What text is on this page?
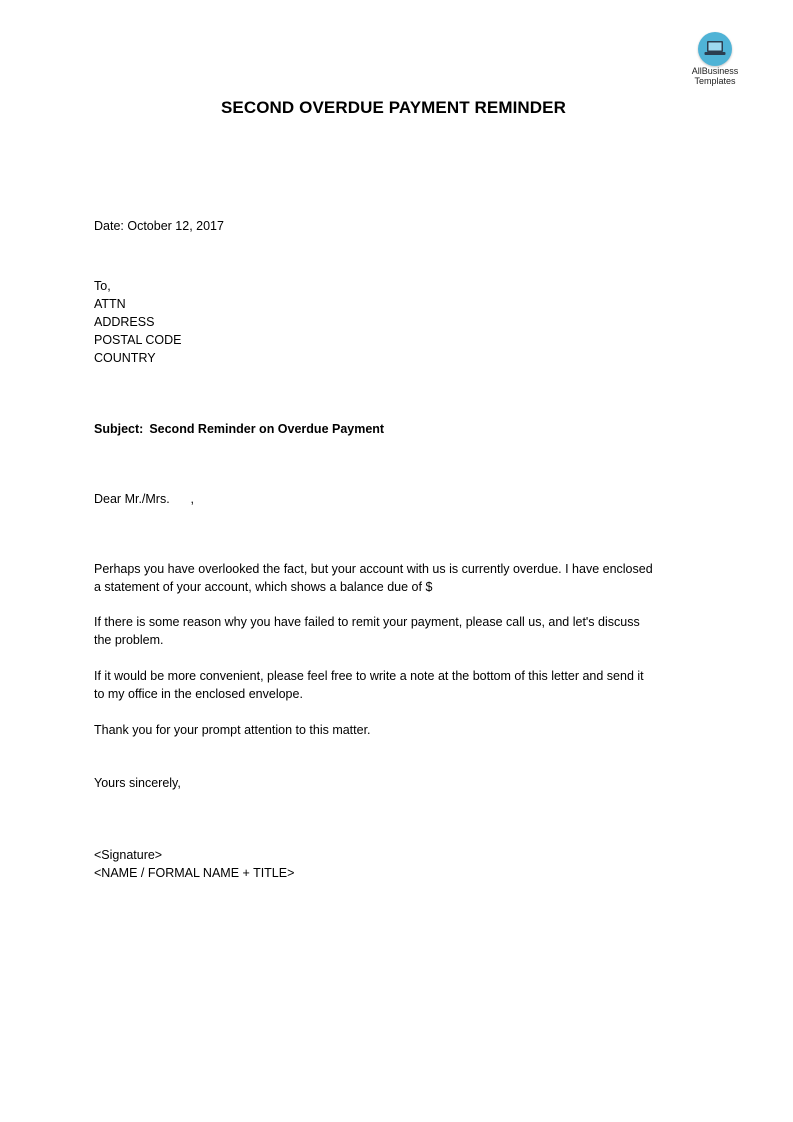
AllBusiness
Templates
SECOND OVERDUE PAYMENT REMINDER
Date: October 12, 2017
To,
ATTN
ADDRESS
POSTAL CODE
COUNTRY
Subject: Second Reminder on Overdue Payment
Dear Mr./Mrs.      ,
Perhaps you have overlooked the fact, but your account with us is currently overdue. I have enclosed
a statement of your account, which shows a balance due of $
If there is some reason why you have failed to remit your payment, please call us, and let's discuss
the problem.
If it would be more convenient, please feel free to write a note at the bottom of this letter and send it
to my office in the enclosed envelope.
Thank you for your prompt attention to this matter.
Yours sincerely,
<Signature>
<NAME / FORMAL NAME + TITLE>
